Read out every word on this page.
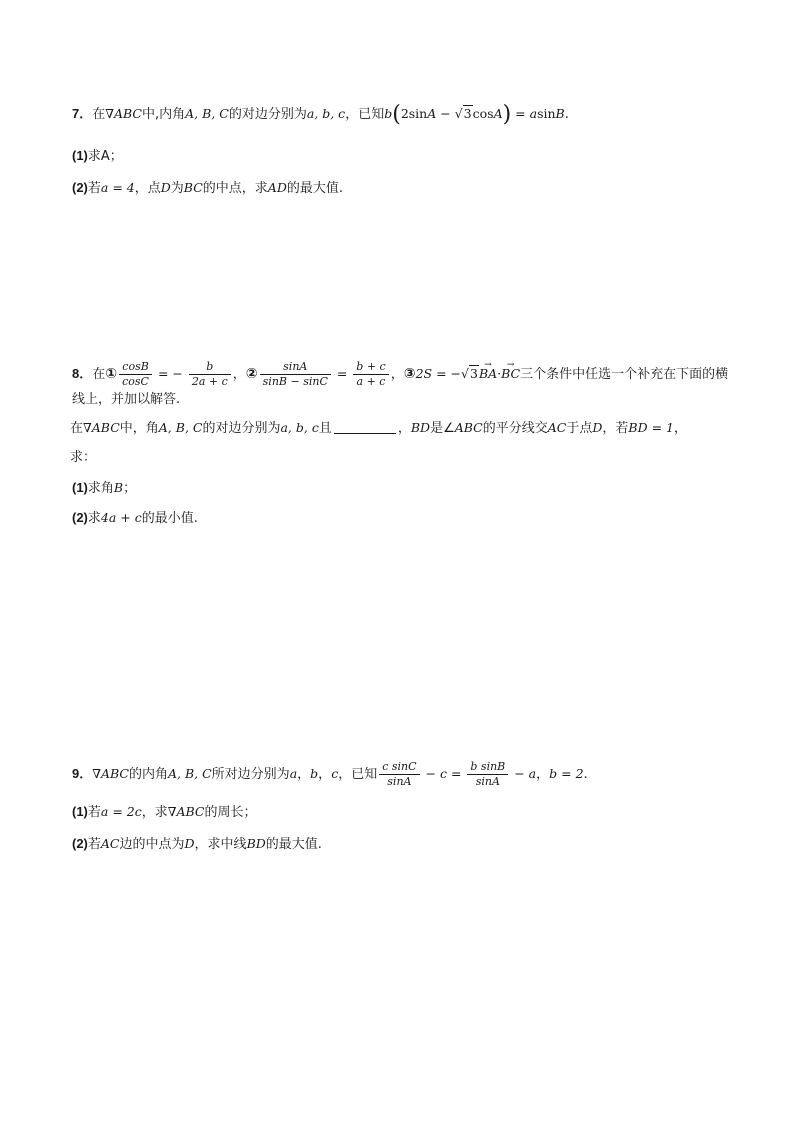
7．在∇ABC中,内角A, B, C的对边分别为a, b, c，已知b(2sinA − √3cosA) = asinB.
(1)求A；
(2)若a = 4，点D为BC的中点，求AD的最大值.
8．在① $\frac{\cos B}{\cos C}$ = − $\frac{b}{2a + c}$ ，② $\frac{\sin A}{\sin B - \sin C} = \frac{b + c}{a + c}$ ，③2S = −√3→ BA·→ BC三个条件中任选一个补充在下面的横
线上，并加以解答.
在∇ABC中，角A, B, C的对边分别为a, b, c且	，BD是∠ABC的平分线交AC于点D，若BD = 1，
求：
(1)求角B；
(2)求4a + c的最小值.
9．∇ABC的内角A, B, C所对边分别为a，b，c，已知 $\frac{\text{c sinC}}{\sin A} - c = \frac{\text{b sinB}}{\sin A} - a$，b = 2.
(1)若a = 2c，求∇ABC的周长；
(2)若AC边的中点为D，求中线BD的最大值.
